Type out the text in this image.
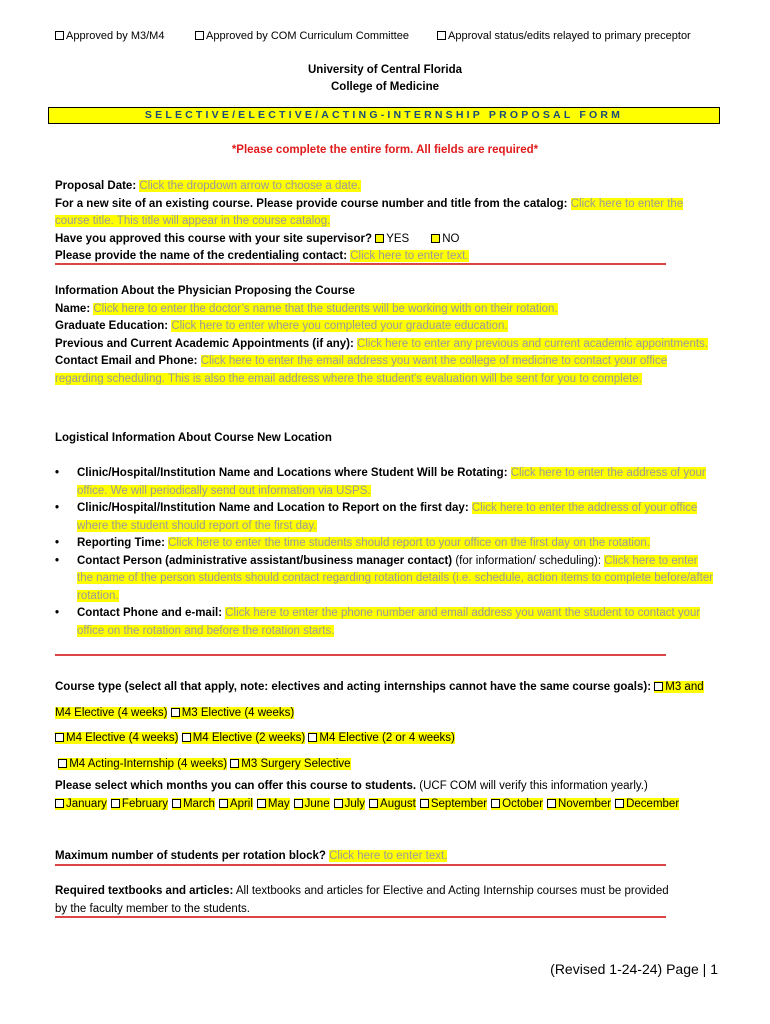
Approved by M3/M4	Approved by COM Curriculum Committee	Approval status/edits relayed to primary preceptor
University of Central Florida
College of Medicine
SELECTIVE/ELECTIVE/ACTING-INTERNSHIP PROPOSAL FORM
*Please complete the entire form. All fields are required*
Proposal Date: Click the dropdown arrow to choose a date.
For a new site of an existing course. Please provide course number and title from the catalog: Click here to enter the course title. This title will appear in the course catalog.
Have you approved this course with your site supervisor? YES	NO
Please provide the name of the credentialing contact: Click here to enter text.
Information About the Physician Proposing the Course
Name: Click here to enter the doctor’s name that the students will be working with on their rotation.
Graduate Education: Click here to enter where you completed your graduate education.
Previous and Current Academic Appointments (if any): Click here to enter any previous and current academic appointments.
Contact Email and Phone: Click here to enter the email address you want the college of medicine to contact your office regarding scheduling. This is also the email address where the student's evaluation will be sent for you to complete.
Logistical Information About Course New Location
• Clinic/Hospital/Institution Name and Locations where Student Will be Rotating: Click here to enter the address of your office. We will periodically send out information via USPS.
• Clinic/Hospital/Institution Name and Location to Report on the first day: Click here to enter the address of your office where the student should report of the first day.
• Reporting Time: Click here to enter the time students should report to your office on the first day on the rotation.
• Contact Person (administrative assistant/business manager contact) (for information/ scheduling): Click here to enter the name of the person students should contact regarding rotation details (i.e. schedule, action items to complete before/after rotation.
• Contact Phone and e-mail: Click here to enter the phone number and email address you want the student to contact your office on the rotation and before the rotation starts.
Course type (select all that apply, note: electives and acting internships cannot have the same course goals): M3 and M4 Elective (4 weeks) M3 Elective (4 weeks)
M4 Elective (4 weeks) M4 Elective (2 weeks) M4 Elective (2 or 4 weeks)
M4 Acting-Internship (4 weeks) M3 Surgery Selective
Please select which months you can offer this course to students. (UCF COM will verify this information yearly.)
January February March April May June July August September October November December
Maximum number of students per rotation block? Click here to enter text.
Required textbooks and articles: All textbooks and articles for Elective and Acting Internship courses must be provided by the faculty member to the students.
(Revised 1-24-24) Page | 1
